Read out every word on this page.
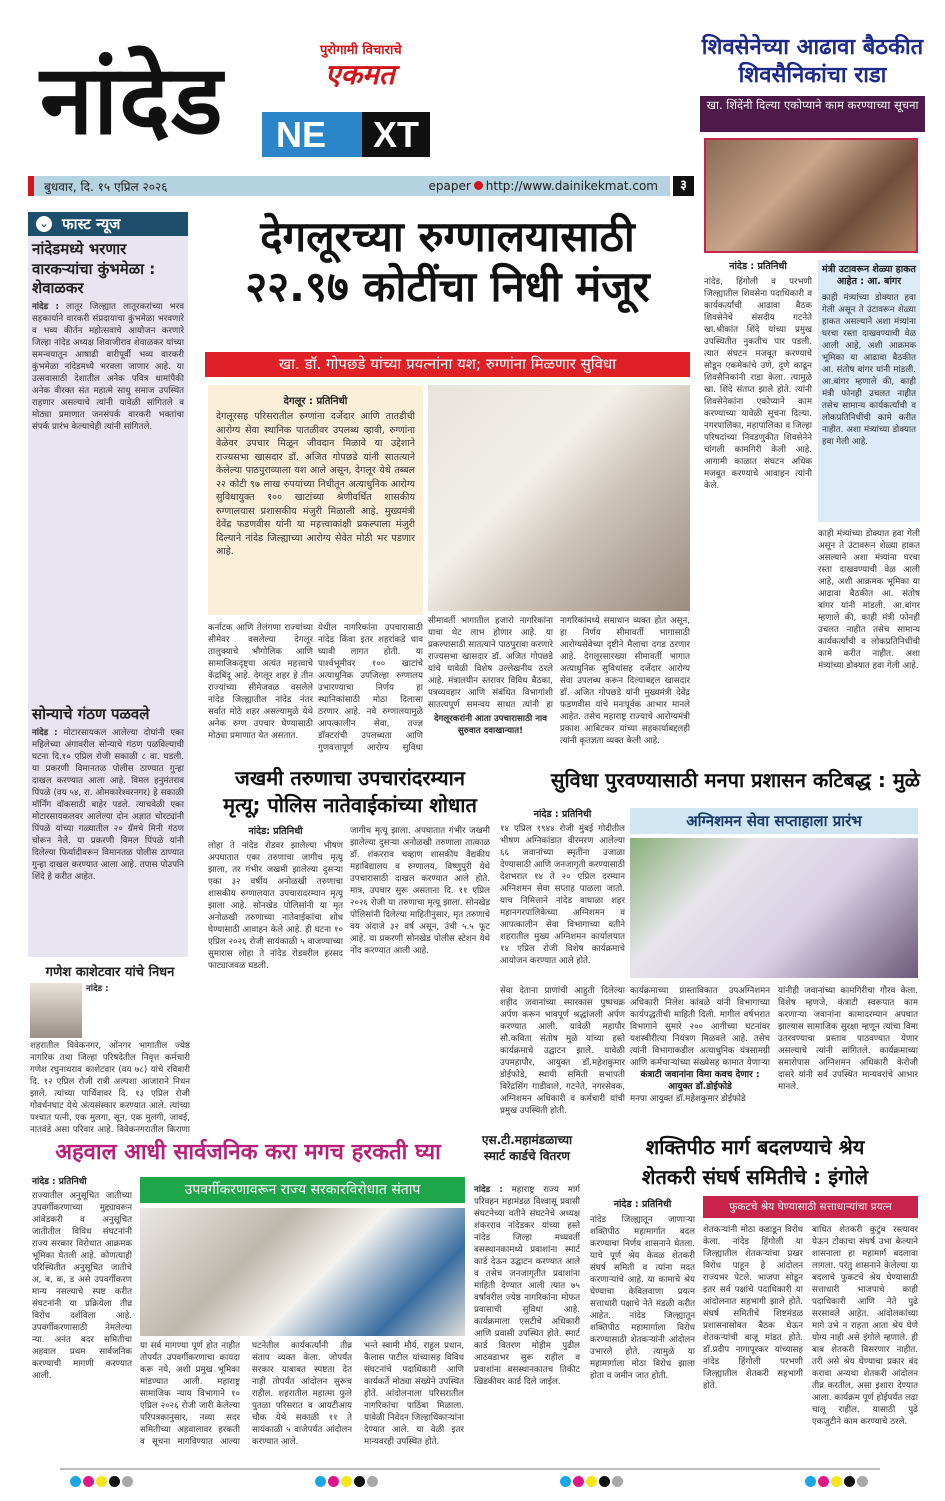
नांदेड	पुरोगामी विचाराचे
एकमत
NE	XT
बुधवार, दि. १५ एप्रिल २०२६	epaper http://www.dainikekmat.com	३
शिवसेनेच्या आढावा बैठकीत शिवसैनिकांचा राडा
खा. शिंदेंनी दिल्या एकोप्याने काम करण्याच्या सूचना
नांदेड : प्रतिनिधी
नांदेड, हिंगोली व परभणी जिल्ह्यातील शिवसेना पदाधिकारी व कार्यकर्त्यांची आढावा बैठक शिवसेनेचे संसदीय गटनेते खा.श्रीकांत शिंदे यांच्या प्रमुख उपस्थितीत नुकतीच पार पडली. त्यात संघटन मजबूत करण्याचे सोडून एकमेकांचे उणे, दुणे काढून शिवसैनिकांनी राडा केला. त्यामुळे खा. शिंदे संतप्त झाले होते. त्यांनी शिवसेनेकांना एकोप्याने काम करण्याच्या यावेळी सूचना दिल्या. नगरपालिका, महापालिका व जिल्हा परिषदांच्या निवडणुकीत शिवसेनेने चांगली कामगिरी केली आहे. आगामी काळात संघटन अधिक मजबूत करण्याचे आवाहन त्यांनी केले.
मंत्री उटावरून शेळ्या हाकत आहेत : आ. बांगर
काही मंत्र्यांच्या डोक्यात हवा गेली असून ते उंटावरून शेळ्या हाकत असल्याने अशा मंत्र्यांना घरचा रस्ता दाखवण्याची वेळ आली आहे, अशी आक्रमक भूमिका या आढावा बैठकीत आ. संतोष बांगर यांनी मांडली. आ.बांगर म्हणाले की, काही मंत्री फोनही उचलत नाहीत तसेच सामान्य कार्यकर्त्यांची व लोकप्रतिनिधींची कामे करीत नाहीत. अशा मंत्र्यांच्या डोक्यात हवा गेली आहे.
काही मंत्र्यांच्या डोक्यात हवा गेली असून ते उंटावरून शेळ्या हाकत असल्याने अशा मंत्र्यांना घरचा रस्ता दाखवण्याची वेळ आली आहे, अशी आक्रमक भूमिका या आढावा बैठकीत आ. संतोष बांगर यांनी मांडली. आ.बांगर म्हणाले की, काही मंत्री फोनही उचलत नाहीत तसेच सामान्य कार्यकर्त्यांची व लोकप्रतिनिधींची कामे करीत नाहीत. अशा मंत्र्यांच्या डोक्यात हवा गेली आहे.
⌄ फास्ट न्यूज
नांदेडमध्ये भरणार वारकऱ्यांचा कुंभमेळा : शेवाळकर
नांदेड : लातूर जिल्ह्यात लातूरकरांच्या भरव सहकार्याने वारकरी संप्रदायाचा कुंभमेळा भरवणारे व भव्य कीर्तन महोत्सवाचे आयोजन करणारे जिल्हा नांदेड अध्यक्ष शिवाजीराव शेवाळकर यांच्या समन्वयातून आषाढी वारीपूर्वी भव्य वारकरी कुंभमेळा नांदेडमध्ये भरवला जाणार आहे. या उत्सवासाठी देशातील अनेक पवित्र धामांपैकी अनेक वीरक्त संत महात्मे साधु समाज उपस्थित राहणार असल्याचे त्यांनी यावेळी सांगितले व मोठ्या प्रमाणात जनसंपर्क वारकरी भक्तांचा संपर्क प्रारंभ केल्याचेही त्यांनी सांगितले.
सोन्याचे गंठण पळवले
नांदेड : मोटारसायकल आलेल्या दोघांनी एका महिलेच्या अंगावरील सोन्याचे गंठण पळविल्याची घटना दि.१० एप्रिल रोजी सकाळी ८ वा. घडली. या प्रकरणी विमानतळ पोलीस ठाण्यात गुन्हा दाखल करण्यात आला आहे. विमल हनुमंतराव पिंपळे (वय ५४, रा. ओमकारेश्वरनगर) हे सकाळी मॉर्निंग वॉकसाठी बाहेर पडले. त्याचवेळी एका मोटारसायकलवर आलेल्या दोन अज्ञात चोरट्यांनी पिंपळे यांच्या गळ्यातील २० ग्रॅमचे मिनी गंठण चोरून नेले. या प्रकरणी विमल पिंपळे यांनी दिलेल्या फिर्यादीवरून विमानतळ पोलीस ठाण्यात गुन्हा दाखल करण्यात आला आहे. तपास पोउपनि शिंदे हे करीत आहेत.
गणेश काशेटवार यांचे निधन
नांदेड :
शहरातील विवेकनगर, ओंनगर भागातील ज्येष्ठ नागरिक तथा जिल्हा परिषदेतील निवृत्त कर्मचारी गणेश रघुनाथराव काशेटवार (वय ७८) यांचे रविवारी दि. १२ एप्रिल रोजी रात्री अल्पशा आजाराने निधन झाले. त्यांच्या पार्थिवावर दि. १३ एप्रिल रोजी गोवर्धनघाट येथे अंत्यसंस्कार करण्यात आले. त्यांच्या पश्चात पत्नी, एक मुलगा, सून, एक मुलगी, जावई, नातवंडे असा परिवार आहे. विवेकनगरातील किराणा
देगलूरच्या रुग्णालयासाठी
२२.९७ कोटींचा निधी मंजूर
खा. डॉ. गोपछडे यांच्या प्रयत्नांना यश; रुग्णांना मिळणार सुविधा
देगलूर : प्रतिनिधी
देगलूरसह परिसरातील रुग्णांना दर्जेदार आणि तातडीची आरोग्य सेवा स्थानिक पातळीवर उपलब्ध व्हावी, रुग्णांना वेळेवर उपचार मिळून जीवदान मिळावे या उद्देशाने राज्यसभा खासदार डॉ. अजित गोपछडे यांनी सातत्याने केलेल्या पाठपुराव्याला यश आले असून, देगलूर येथे तब्बल २२ कोटी ९७ लाख रुपयांच्या निधीतून अत्याधुनिक आरोग्य सुविधायुक्त १०० खाटांच्या श्रेणीवर्धित शासकीय रुग्णालयास प्रशासकीय मंजुरी मिळाली आहे. मुख्यमंत्री देवेंद्र फडणवीस यांनी या महत्त्वाकांक्षी प्रकल्पाला मंजुरी दिल्याने नांदेड जिल्ह्याच्या आरोग्य सेवेत मोठी भर पडणार आहे.
सीमावर्ती भागातील हजारो नागरिकांना याचा थेट लाभ होणार आहे. या प्रकल्पासाठी सातत्याने पाठपुरावा करणारे राज्यसभा खासदार डॉ. अजित गोपछडे यांचे यावेळी विशेष उल्लेखनीय ठरले आहे. मंत्रालयीन स्तरावर विविध बैठका, पत्रव्यवहार आणि संबंधित विभागांशी सातत्यपूर्ण समन्वय साधत त्यांनी हा
देगलूरकरांनी आता उपचारासाठी नाव सुरुवात दवाखान्यात!
नागरिकांमध्ये समाधान व्यक्त होत असून, हा निर्णय सीमावर्ती भागासाठी आरोग्यसेवेच्या दृष्टीने मैलाचा दगड ठरणार आहे. देगलूरसारख्या सीमावर्ती भागात अत्याधुनिक सुविधांसह दर्जेदार आरोग्य सेवा उपलब्ध करून दिल्याबद्दल खासदार डॉ. अजित गोपछडे यांनी मुख्यमंत्री देवेंद्र फडणवीस यांचे मनःपूर्वक आभार मानले आहेत. तसेच महाराष्ट्र राज्याचे आरोग्यमंत्री प्रकाश आबिटकर यांच्या सहकार्याबद्दलही त्यांनी कृतज्ञता व्यक्त केली आहे.
कर्नाटक आणि तेलंगणा राज्यांच्या सीमेवर वसलेल्या देगलूर तालुक्याचे भौगोलिक आणि सामाजिकदृष्ट्या अत्यंत महत्त्वाचे केंद्रबिंदू आहे. देगलूर शहर हे तीन राज्यांच्या सीमेजवळ वसलेले नांदेड जिल्ह्यातील नांदेड नंतर सर्वात मोठे शहर असल्यामुळे येथे अनेक रुग्ण उपचार घेण्यासाठी मोठ्या प्रमाणात येत असतात.
येथील नागरिकांना उपचारासाठी नांदेड किंवा इतर शहरांकडे धाव घ्यावी लागत होती. या पार्श्वभूमीवर १०० खाटांचे अत्याधुनिक उपजिल्हा रुग्णालय उभारण्याचा निर्णय हा स्थानिकांसाठी मोठा दिलासा ठरणार आहे. नवे रुग्णालयामुळे आपत्कालीन सेवा, तज्ज्ञ डॉक्टरांची उपलब्धता आणि गुणवत्तापूर्ण आरोग्य सुविधा
जखमी तरुणाचा उपचारांदरम्यान
मृत्यू; पोलिस नातेवाईकांच्या शोधात
नांदेड: प्रतिनिधी
लोहा ते नांदेड रोडवर झालेल्या भीषण अपघातात एका तरुणाचा जागीच मृत्यू झाला, तर गंभीर जखमी झालेल्या दुसऱ्या एका ३२ वर्षीय अनोळखी तरुणाचा शासकीय रुग्णालयात उपचारादरम्यान मृत्यू झाला आहे. सोनखेड पोलिसांनी या मृत अनोळखी तरुणाच्या नातेवाईकांचा शोध घेण्यासाठी आवाहन केले आहे. ही घटना १० एप्रिल २०२६ रोजी सायंकाळी ५ वाजण्याच्या सुमारास लोहा ते नांदेड रोडवरील हरसद फाट्याजवळ घडली.
जागीच मृत्यू झाला. अपघातात गंभीर जखमी झालेल्या दुसऱ्या अनोळखी तरुणाला तात्काळ डॉ. शंकरराव चव्हाण शासकीय वैद्यकीय महाविद्यालय व रुग्णालय, विष्णुपुरी येथे उपचारासाठी दाखल करण्यात आले होते. मात्र, उपचार सुरू असताना दि. ११ एप्रिल २०२६ रोजी या तरुणाचा मृत्यू झाला. सोनखेड पोलिसांनी दिलेल्या माहितीनुसार, मृत तरुणाचे वय अंदाजे ३२ वर्ष असून, उंची ५.५ फूट आहे. या प्रकरणी सोनखेड पोलीस स्टेशन येथे नोंद करण्यात आली आहे.
सुविधा पुरवण्यासाठी मनपा प्रशासन कटिबद्ध : मुळे
नांदेड : प्रतिनिधी
१४ एप्रिल १९४४ रोजी मुंबई गोदीतील भीषण अग्निकांडात वीरमरण आलेल्या ६६ जवानांच्या स्मृतींना उजाळा देण्यासाठी आणि जनजागृती करण्यासाठी देशभरात १४ ते २० एप्रिल दरम्यान अग्निशमन सेवा सप्ताह पाळला जातो. याच निमित्ताने नांदेड वाघाळा शहर महानगरपालिकेच्या अग्निशमन व आपत्कालीन सेवा विभागाच्या वतीने शहरातील मुख्य अग्निशमन कार्यालयात १४ एप्रिल रोजी विशेष कार्यक्रमाचे आयोजन करण्यात आले होते.
अग्निशमन सेवा सप्ताहाला प्रारंभ
सेवा देताना प्राणांची आहुती दिलेल्या शहीद जवानांच्या स्मारकास पुष्पचक्र अर्पण करून भावपूर्ण श्रद्धांजली अर्पण करण्यात आली. यावेळी महापौर सौ.कविता संतोष मुळे यांच्या हस्ते कार्यक्रमाचे उद्घाटन झाले. यावेळी उपमहापौर, आयुक्त डॉ.महेशकुमार डोईफोडे, स्थायी समिती सभापती विरेंद्रसिंग गाडीवाले, गटनेते, नगरसेवक, अग्निशमन अधिकारी व कर्मचारी यांची प्रमुख उपस्थिती होती.
कार्यक्रमाच्या प्रास्ताविकात उपअग्निशमन अधिकारी निलेश कांबळे यांनी विभागाच्या कार्यपद्धतीची माहिती दिली. मागील वर्षभरात विभागाने सुमारे २०० आगीच्या घटनांवर यशस्वीरीत्या नियंत्रण मिळवले आहे. तसेच त्यांनी विभागाकडील अत्याधुनिक यंत्रसामग्री आणि कर्मचाऱ्यांच्या संख्येसह कामात येणाऱ्या
कंत्राटी जवानांना विमा कवच देणार : आयुक्त डॉ.डोईफोडे
मनपा आयुक्त डॉ.महेशकुमार डोईफोडे
यांनीही जवानांच्या कामगिरीचा गौरव केला. विशेष म्हणजे, कंत्राटी स्वरूपात काम करणाऱ्या जवानांना कामादरम्यान अपघात झाल्यास सामाजिक सुरक्षा म्हणून त्यांचा विमा उतरवण्याचा प्रस्ताव पाठवण्यात येणार असल्याचे त्यांनी सांगितले. कार्यक्रमाच्या समारोपास अग्निशमन अधिकारी केरोजी दासरे यांनी सर्व उपस्थित मान्यवरांचे आभार मानले.
अहवाल आधी सार्वजनिक करा मगच हरकती घ्या
नांदेड : प्रतिनिधी
राज्यातील अनुसूचित जातीच्या उपवर्गीकरणाच्या मुद्द्यावरून आंबेडकरी व अनुसूचित जातीतील विविध संघटनांनी राज्य सरकार विरोधात आक्रमक भूमिका घेतली आहे. कोणत्याही परिस्थितीत अनुसूचित जातीचे अ, ब, क, ड असे उपवर्गीकरण मान्य नसल्याचे स्पष्ट करीत संघटनांनी या प्रक्रियेला तीव्र विरोध दर्शविला आहे. उपवर्गीकरणासाठी नेमलेल्या न्या. अनंत बदर समितीचा अहवाल प्रथम सार्वजनिक करण्याची मागणी करण्यात आली.
उपवर्गीकरणावरून राज्य सरकारविरोधात संताप
या सर्व मागण्या पूर्ण होत नाहीत तोपर्यंत उपवर्गीकरणाचा कायदा करू नये, अशी प्रमुख भूमिका मांडण्यात आली. महाराष्ट्र सामाजिक न्याय विभागाने १० एप्रिल २०२६ रोजी जारी केलेल्या परिपत्रकानुसार, नव्या सदर समितीच्या अहवालावर हरकती व सूचना मागविण्यात आल्या
घटनेतील कार्यकर्त्यांनी तीव्र संताप व्यक्त केला. जोपर्यंत सरकार याबाबत स्पष्टता देत नाही तोपर्यंत आंदोलन सुरूच राहील. शहरातील महात्मा फुले पुतळा परिसरात व आयटीआय चौक येथे सकाळी ११ ते सायंकाळी ५ वाजेपर्यंत आंदोलन करण्यात आले.
भन्ते स्वामी मौर्य, राहुल प्रधान, कैलास पाटील यांच्यासह विविध संघटनांचे पदाधिकारी आणि कार्यकर्ते मोठ्या संख्येने उपस्थित होते. आंदोलनाला परिसरातील नागरिकांचा पाठिंबा मिळाला. यावेळी निवेदन जिल्हाधिकाऱ्यांना देण्यात आले. या वेळी इतर मान्यवरही उपस्थित होते.
एस.टी.महामंडळाच्या स्मार्ट कार्डचे वितरण
नांदेड : महाराष्ट्र राज्य मार्ग परिवहन महामंडळ विश्वासू प्रवासी संघटनेच्या वतीने संघटनेचे अध्यक्ष शंकरराव नांदेडकर यांच्या हस्ते नांदेड जिल्हा मध्यवर्ती बसस्थानकामध्ये प्रवाशांना स्मार्ट कार्ड देऊन उद्घाटन करण्यात आले व तसेच जनजागृतीत प्रवाशांना माहिती देण्यात आली त्यात ७५ वर्षांवरील ज्येष्ठ नागरिकांना मोफत प्रवासाची सुविधा आहे. कार्यक्रमाला एसटीचे अधिकारी आणि प्रवासी उपस्थित होते. स्मार्ट कार्ड वितरण मोहीम पुढील आठवडाभर सुरू राहील व प्रवाशांना बसस्थानकातच तिकीट खिडकीवर कार्ड दिले जाईल.
शक्तिपीठ मार्ग बदलण्याचे श्रेय
शेतकरी संघर्ष समितीचे : इंगोले
नांदेड : प्रतिनिधी
नांदेड जिल्ह्यातून जाणाऱ्या शक्तिपीठ महामार्गात बदल करण्याचा निर्णय शासनाने घेतला. याचे पूर्ण श्रेय केवळ शेतकरी संघर्ष समिती व त्यांना मदत करणाऱ्यांचे आहे. या कामाचे श्रेय घेण्याचा केविलवाणा प्रयत्न सत्ताधारी पक्षाचे नेते मंडळी करीत आहेत. नांदेड जिल्ह्यातून शक्तिपीठ महामार्गाला विरोध करण्यासाठी शेतकऱ्यांनी आंदोलन उभारले होते. त्यामुळे या महामार्गाला मोठा विरोध झाला होता व जमीन जात होती.
फुकटचे श्रेय घेण्यासाठी सत्ताधाऱ्यांचा प्रयत्न
शेतकऱ्यांनी मोठा कडाडून विरोध केला. नांदेड हिंगोली या जिल्ह्यातील शेतकऱ्यांचा प्रखर विरोध पाहून हे आंदोलन राज्यभर पेटले. भाजपा सोडून इतर सर्व पक्षांचे पदाधिकारी या आंदोलनात सहभागी झाले होते. संघर्ष समितीचे शिष्टमंडळ प्रशासनासोबत बैठक घेऊन शेतकऱ्यांची बाजू मांडत होते. डॉ.प्रदीप नागापूरकर यांच्यासह नांदेड हिंगोली परभणी जिल्ह्यातील शेतकरी सहभागी होते.
बाधित शेतकरी कुटुंब रस्त्यावर येऊन टोकाचा संघर्ष उभा केल्याने शासनाला हा महामार्ग बदलावा लागला. परंतु शासनाने केलेल्या या बदलाचे फुकटचे श्रेय घेण्यासाठी सत्ताधारी भाजपाचे काही पदाधिकारी आणि नेते पुढे सरसावले आहेत. आंदोलकांच्या मागे उभे न राहता आता श्रेय घेणे योग्य नाही असे इंगोले म्हणाले. ही बाब शेतकरी विसरणार नाहीत. तरी असे श्रेय घेण्याचा प्रकार बंद करावा अन्यथा शेतकरी आंदोलन तीव्र करतील, असा इशारा देण्यात आला. कार्यक्रम पूर्ण होईपर्यंत लढा चालू राहील. यासाठी पुढे एकजुटीने काम करण्याचे ठरले.
